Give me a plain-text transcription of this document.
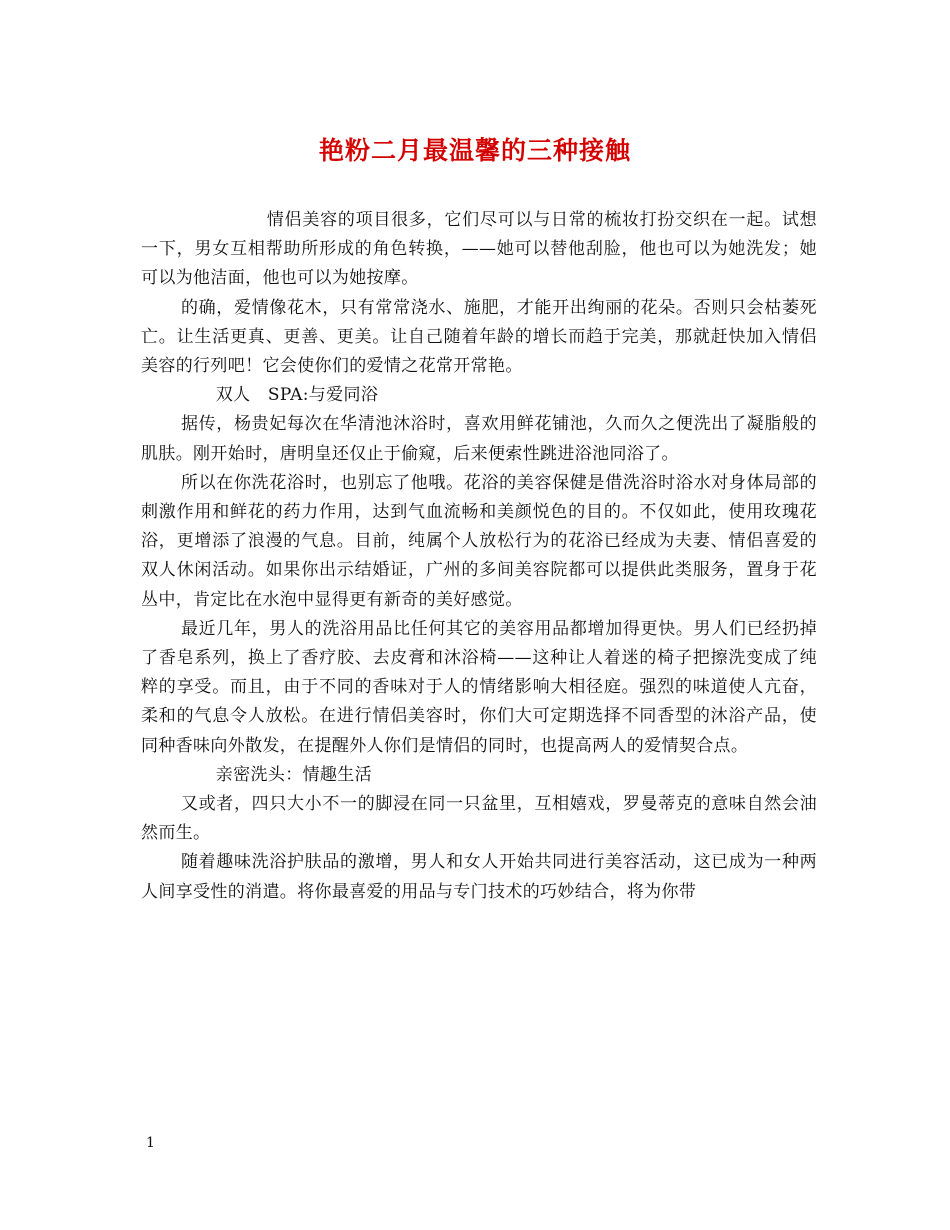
艳粉二月最温馨的三种接触

情侣美容的项目很多，它们尽可以与日常的梳妆打扮交织在一起。试想一下，男女互相帮助所形成的角色转换，——她可以替他刮脸，他也可以为她洗发；她可以为他洁面，他也可以为她按摩。

的确，爱情像花木，只有常常浇水、施肥，才能开出绚丽的花朵。否则只会枯萎死亡。让生活更真、更善、更美。让自己随着年龄的增长而趋于完美，那就赶快加入情侣美容的行列吧！它会使你们的爱情之花常开常艳。

双人　SPA:与爱同浴

据传，杨贵妃每次在华清池沐浴时，喜欢用鲜花铺池，久而久之便洗出了凝脂般的肌肤。刚开始时，唐明皇还仅止于偷窥，后来便索性跳进浴池同浴了。

所以在你洗花浴时，也别忘了他哦。花浴的美容保健是借洗浴时浴水对身体局部的刺激作用和鲜花的药力作用，达到气血流畅和美颜悦色的目的。不仅如此，使用玫瑰花浴，更增添了浪漫的气息。目前，纯属个人放松行为的花浴已经成为夫妻、情侣喜爱的双人休闲活动。如果你出示结婚证，广州的多间美容院都可以提供此类服务，置身于花丛中，肯定比在水泡中显得更有新奇的美好感觉。

最近几年，男人的洗浴用品比任何其它的美容用品都增加得更快。男人们已经扔掉了香皂系列，换上了香疗胶、去皮膏和沐浴椅——这种让人着迷的椅子把擦洗变成了纯粹的享受。而且，由于不同的香味对于人的情绪影响大相径庭。强烈的味道使人亢奋，柔和的气息令人放松。在进行情侣美容时，你们大可定期选择不同香型的沐浴产品，使同种香味向外散发，在提醒外人你们是情侣的同时，也提高两人的爱情契合点。

亲密洗头：情趣生活

又或者，四只大小不一的脚浸在同一只盆里，互相嬉戏，罗曼蒂克的意味自然会油然而生。

随着趣味洗浴护肤品的激增，男人和女人开始共同进行美容活动，这已成为一种两人间享受性的消遣。将你最喜爱的用品与专门技术的巧妙结合，将为你带

1
